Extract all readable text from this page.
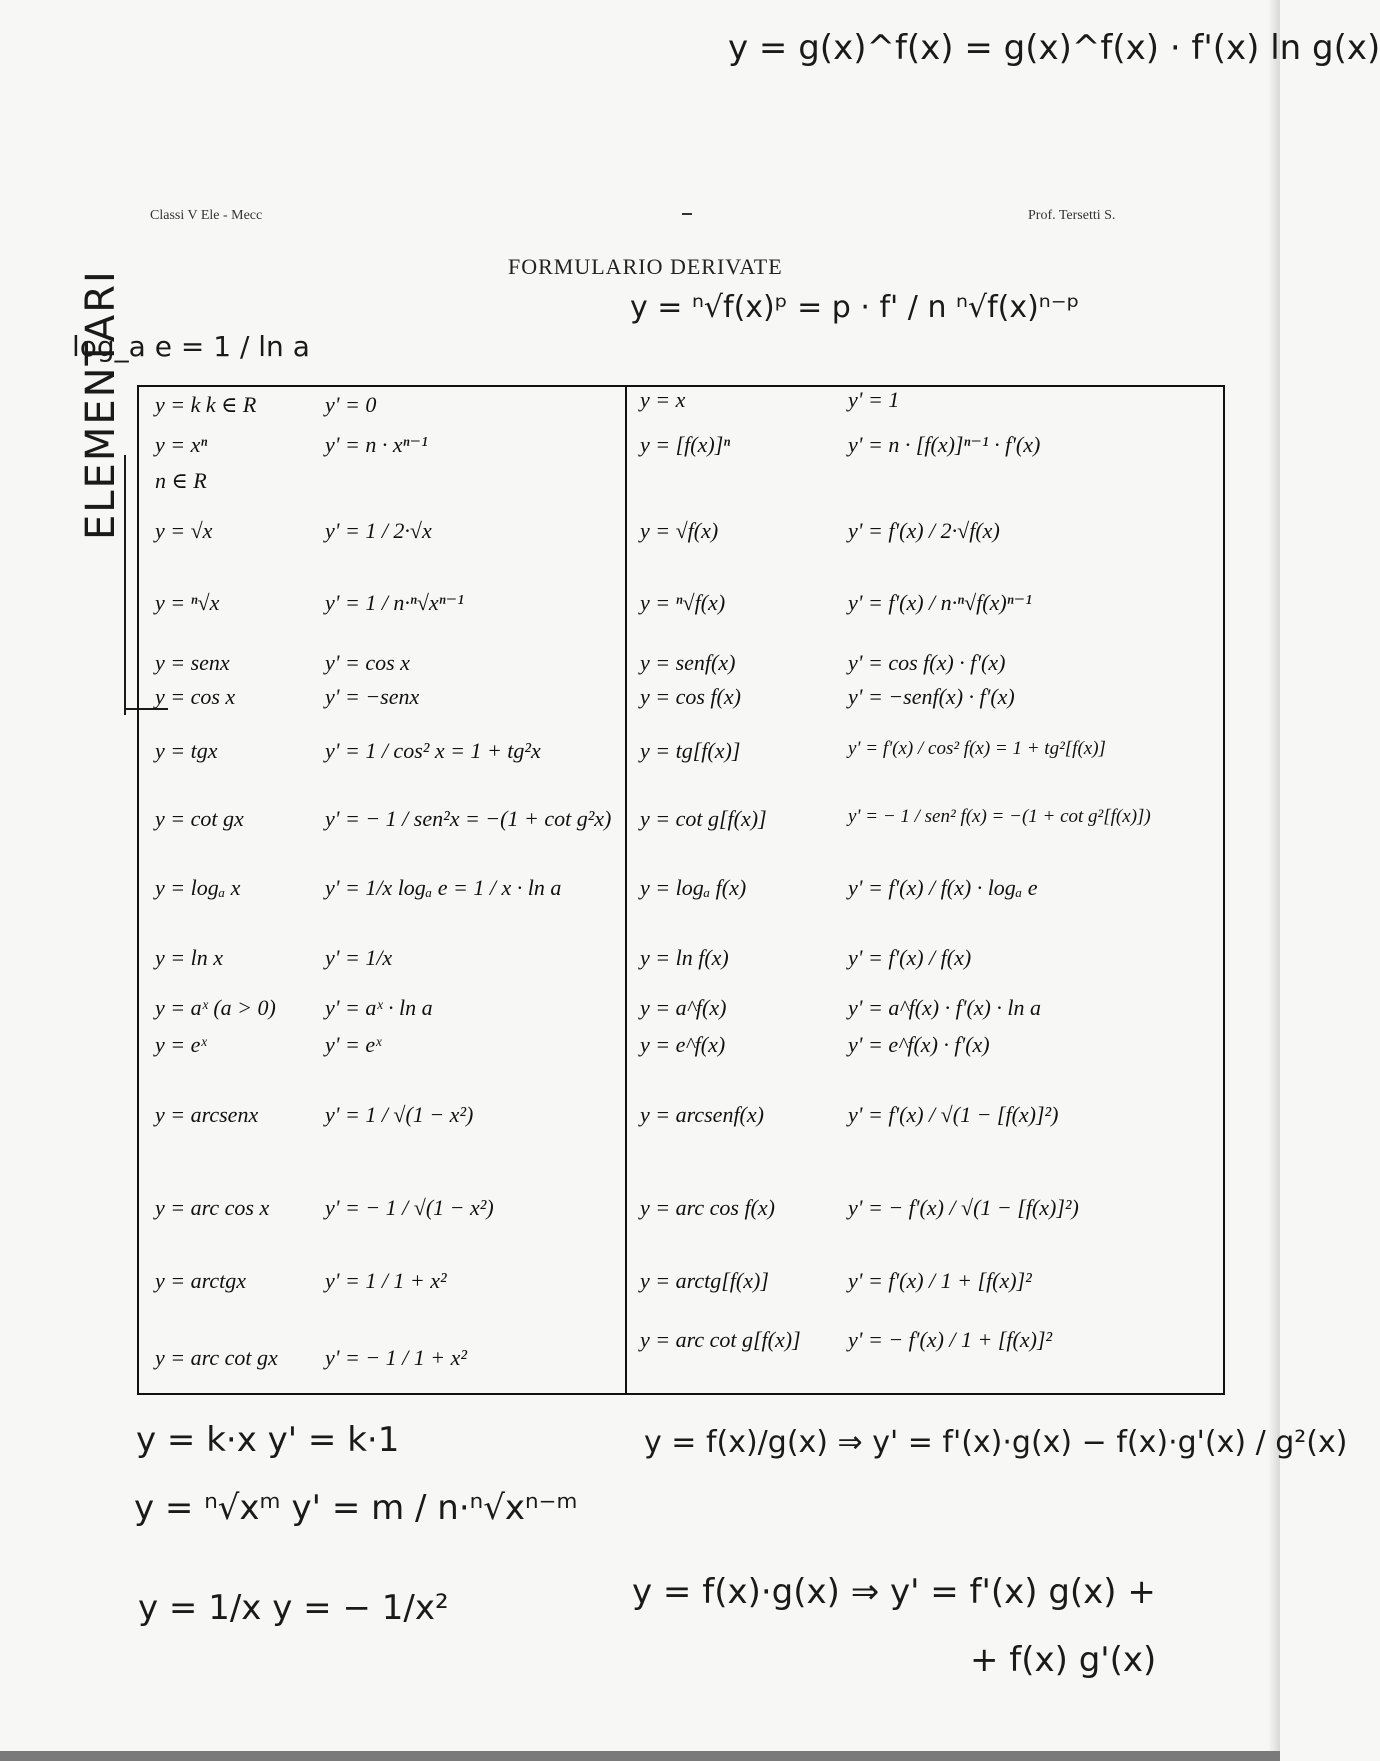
y = g(x)^f(x) = g(x)^f(x) · f'(x) ln g(x)
Classi V Ele - Mecc	Prof. Tersetti S.
FORMULARIO DERIVATE
log_a e = 1 / ln a
y = ⁿ√f(x)ᵖ = p · f' / n ⁿ√f(x)ⁿ⁻ᵖ
ELEMENTARI y = k k ∈ R	y' = 0
y = xⁿ	y' = n · xⁿ⁻¹
n ∈ R
y = √x	y' = 1 / 2·√x
y = ⁿ√x	y' = 1 / n·ⁿ√xⁿ⁻¹
y = senx	y' = cos x
y = cos x	y' = −senx
y = tgx	y' = 1 / cos² x = 1 + tg²x
y = cot gx	y' = − 1 / sen²x = −(1 + cot g²x)
y = logₐ x	y' = 1/x logₐ e = 1 / x · ln a
y = ln x	y' = 1/x
y = aˣ (a > 0) y' = aˣ · ln a
y = eˣ	y' = eˣ
y = arcsenx	y' = 1 / √(1 − x²)
y = arc cos x	y' = − 1 / √(1 − x²)
y = arctgx	y' = 1 / 1 + x²
y = arc cot gx y' = − 1 / 1 + x²
y = x	y' = 1
y = [f(x)]ⁿ	y' = n · [f(x)]ⁿ⁻¹ · f'(x)
y = √f(x)	y' = f'(x) / 2·√f(x)
y = ⁿ√f(x)	y' = f'(x) / n·ⁿ√f(x)ⁿ⁻¹
y = senf(x)	y' = cos f(x) · f'(x)
y = cos f(x)	y' = −senf(x) · f'(x)
y = tg[f(x)]	y' = f'(x) / cos² f(x) = 1 + tg²[f(x)]
y = cot g[f(x)]	y' = − 1 / sen² f(x) = −(1 + cot g²[f(x)])
y = logₐ f(x)	y' = f'(x) / f(x) · logₐ e
y = ln f(x)	y' = f'(x) / f(x)
y = a^f(x)	y' = a^f(x) · f'(x) · ln a
y = e^f(x)	y' = e^f(x) · f'(x)
y = arcsenf(x)	y' = f'(x) / √(1 − [f(x)]²)
y = arc cos f(x)	y' = − f'(x) / √(1 − [f(x)]²)
y = arctg[f(x)]	y' = f'(x) / 1 + [f(x)]²
y = arc cot g[f(x)] y' = − f'(x) / 1 + [f(x)]²
y = k·x y' = k·1
y = ⁿ√xᵐ y' = m / n·ⁿ√xⁿ⁻ᵐ
y = 1/x y = − 1/x²
y = f(x)/g(x) ⇒ y' = f'(x)·g(x) − f(x)·g'(x) / g²(x)
y = f(x)·g(x) ⇒ y' = f'(x) g(x) +
+ f(x) g'(x)
